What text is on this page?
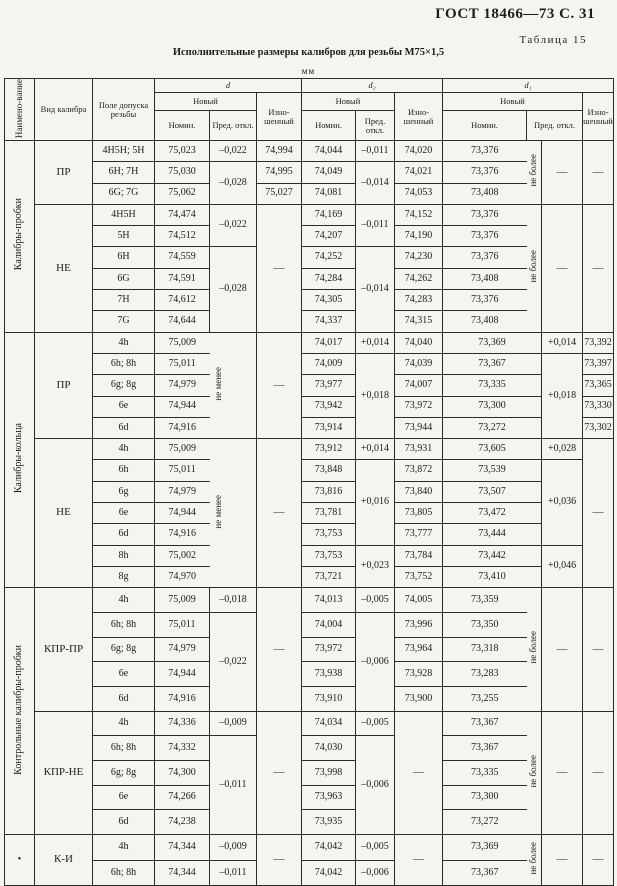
ГОСТ 18466—73 С. 31
Таблица 15
Исполнительные размеры калибров для резьбы М75×1,5
мм
Наимено-вание	Вид калибра	Поле допуска резьбы	d			d₂			d₁			
			Новый		Изно-шенный	Новый		Изно-шенный	Новый			Изно-шенный
			Номин.	Пред. откл.		Номин.	Пред. откл.		Номин.	Пред. откл.		
Калибры-пробки	ПР	4H5H; 5H	75,023	–0,022	74,994	74,044	–0,011	74,020	73,376	не более	—	—
		6H; 7H	75,030	–0,028	74,995	74,049	–0,014	74,021	73,376			
		6G; 7G	75,062		75,027	74,081		74,053	73,408			
	НЕ	4H5H	74,474	–0,022	—	74,169	–0,011	74,152	73,376	не более	—	—
		5H	74,512			74,207		74,190	73,376			
		6H	74,559	–0,028		74,252	–0,014	74,230	73,376			
		6G	74,591			74,284		74,262	73,408			
		7H	74,612			74,305		74,283	73,376			
		7G	74,644			74,337		74,315	73,408			
Калибры-кольца	ПР	4h	75,009	не менее	—	74,017	+0,014	74,040	73,369		+0,014	73,392
		6h; 8h	75,011			74,009	+0,018	74,039	73,367		+0,018	73,397
		6g; 8g	74,979			73,977		74,007	73,335			73,365
		6e	74,944			73,942		73,972	73,300			73,330
		6d	74,916			73,914		73,944	73,272			73,302
	НЕ	4h	75,009	не менее	—	73,912	+0,014	73,931	73,605		+0,028	—
		6h	75,011			73,848	+0,016	73,872	73,539		+0,036	
		6g	74,979			73,816		73,840	73,507			
		6e	74,944			73,781		73,805	73,472			
		6d	74,916			73,753		73,777	73,444			
		8h	75,002			73,753	+0,023	73,784	73,442		+0,046	
		8g	74,970			73,721		73,752	73,410			
Контрольные калибры-пробки	КПР-ПР	4h	75,009	–0,018	—	74,013	–0,005	74,005	73,359	не более	—	—
		6h; 8h	75,011	–0,022		74,004	–0,006	73,996	73,350			
		6g; 8g	74,979			73,972		73,964	73,318			
		6e	74,944			73,938		73,928	73,283			
		6d	74,916			73,910		73,900	73,255			
	КПР-НЕ	4h	74,336	–0,009	—	74,034	–0,005	—	73,367	не более	—	—
		6h; 8h	74,332	–0,011		74,030	–0,006		73,367			
		6g; 8g	74,300			73,998			73,335			
		6e	74,266			73,963			73,300			
		6d	74,238			73,935			73,272			
•	К-И	4h	74,344	–0,009	—	74,042	–0,005	—	73,369	не более	—	—
		6h; 8h	74,344	–0,011		74,042	–0,006		73,367			
